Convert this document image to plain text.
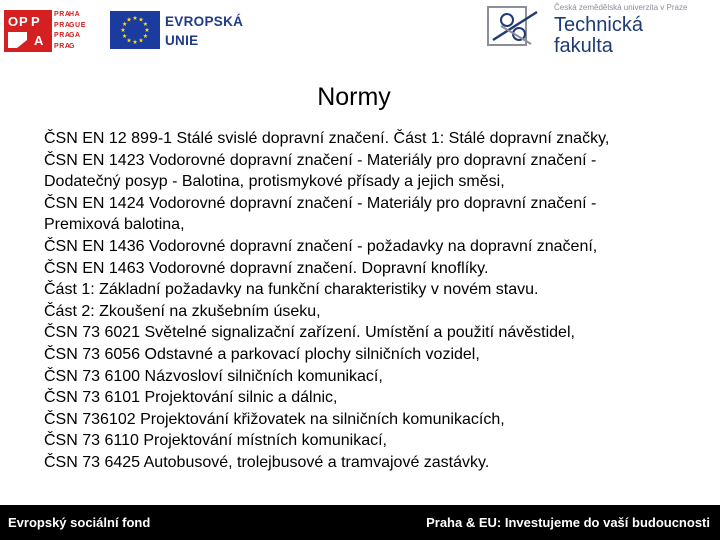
O P P
A
PRA
HA
PRA
GUE
PRA
GA
PRA
G
EVROPSKÁ
UNIE
Česká zemědělská univerzita v Praze
Technická
fakulta
Normy
ČSN EN 12 899-1 Stálé svislé dopravní značení. Část 1: Stálé dopravní značky,
ČSN EN 1423 Vodorovné dopravní značení - Materiály pro dopravní značení -
Dodatečný posyp - Balotina, protismykové přísady a jejich směsi,
ČSN EN 1424 Vodorovné dopravní značení - Materiály pro dopravní značení -
Premixová balotina,
ČSN EN 1436 Vodorovné dopravní značení - požadavky na dopravní značení,
ČSN EN 1463 Vodorovné dopravní značení. Dopravní knoflíky.
Část 1: Základní požadavky na funkční charakteristiky v novém stavu.
Část 2: Zkoušení na zkušebním úseku,
ČSN 73 6021 Světelné signalizační zařízení. Umístění a použití návěstidel,
ČSN 73 6056 Odstavné a parkovací plochy silničních vozidel,
ČSN 73 6100 Názvosloví silničních komunikací,
ČSN 73 6101 Projektování silnic a dálnic,
ČSN 736102 Projektování křižovatek na silničních komunikacích,
ČSN 73 6110 Projektování místních komunikací,
ČSN 73 6425 Autobusové, trolejbusové a tramvajové zastávky.
Evropský sociální fond	Praha & EU: Investujeme do vaší budoucnosti
